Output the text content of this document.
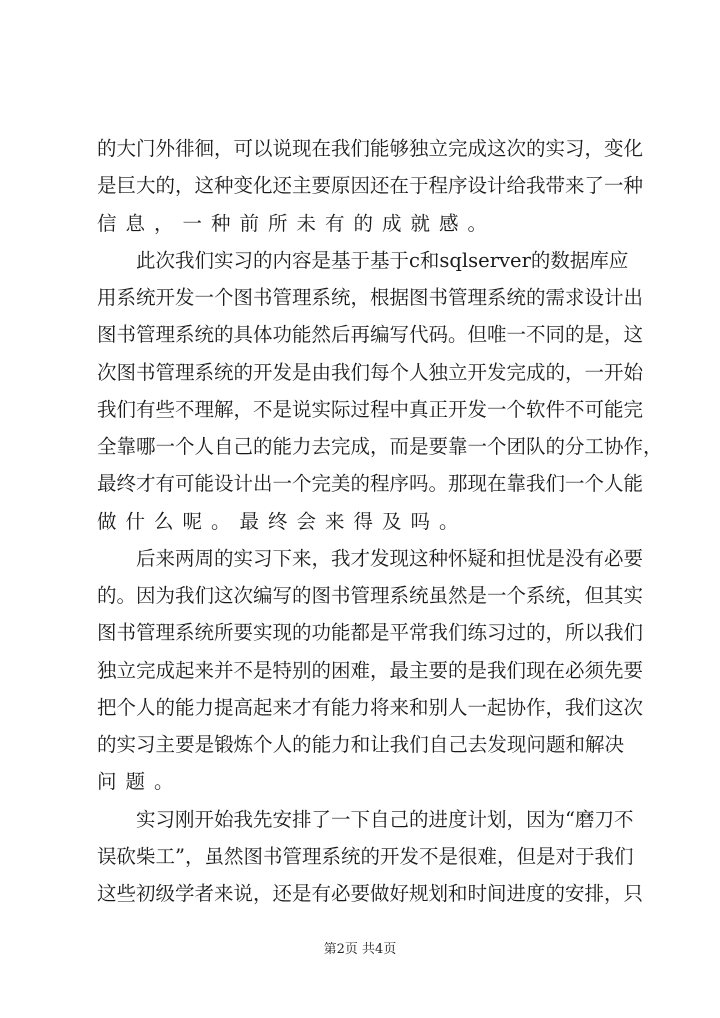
的大门外徘徊，可以说现在我们能够独立完成这次的实习，变化
是巨大的，这种变化还主要原因还在于程序设计给我带来了一种
信息，一种前所未有的成就感。
此次我们实习的内容是基于基于c和sqlserver的数据库应
用系统开发一个图书管理系统，根据图书管理系统的需求设计出
图书管理系统的具体功能然后再编写代码。但唯一不同的是，这
次图书管理系统的开发是由我们每个人独立开发完成的，一开始
我们有些不理解，不是说实际过程中真正开发一个软件不可能完
全靠哪一个人自己的能力去完成，而是要靠一个团队的分工协作，
最终才有可能设计出一个完美的程序吗。那现在靠我们一个人能
做什么呢。最终会来得及吗。
后来两周的实习下来，我才发现这种怀疑和担忧是没有必要
的。因为我们这次编写的图书管理系统虽然是一个系统，但其实
图书管理系统所要实现的功能都是平常我们练习过的，所以我们
独立完成起来并不是特别的困难，最主要的是我们现在必须先要
把个人的能力提高起来才有能力将来和别人一起协作，我们这次
的实习主要是锻炼个人的能力和让我们自己去发现问题和解决
问题。
实习刚开始我先安排了一下自己的进度计划，因为“磨刀不
误砍柴工”，虽然图书管理系统的开发不是很难，但是对于我们
这些初级学者来说，还是有必要做好规划和时间进度的安排，只
第2页 共4页
